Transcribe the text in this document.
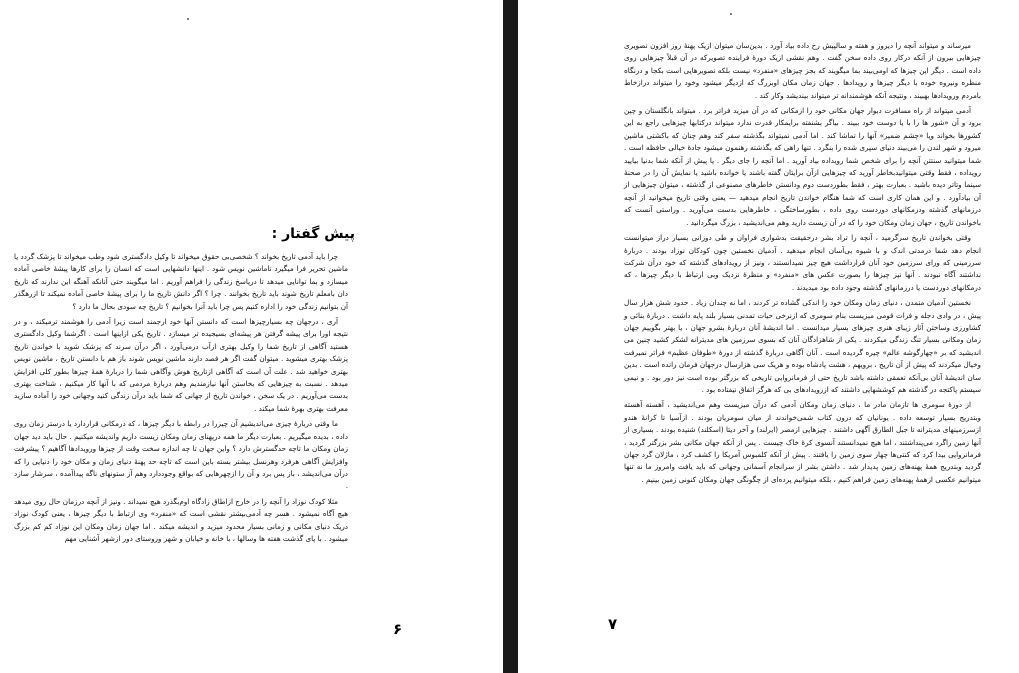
پیش گفتار :

چرا باید آدمی تاریخ بخواند ؟ شخصی‌بی حقوق میخواند تا وکیل دادگستری شود وطب میخواند تا پزشک گردد یا ماشین تحریر فرا میگیرد تاماشین نویس شود . اینها دانشهایی است که انسان را برای کارها پیشهٔ خاصی آماده میسازد و بما توانایی میدهد تا درپاسخ زندگی را فراهم آوریم . اما میگویند حتی آنانکه آهنگه این ندارند که تاریخ دان بامعلم تاریخ شوند باید تاریخ بخوانند . چرا ؟ اگر دانش تاریخ ما را برای پیشهٔ خاصی آماده نمیکند تا ازرهگذر آن بتوانیم زندگی خود را اداره کنیم پس چرا باید آنرا بخوانیم ؟ تاریخ چه سودی بحال ما دارد ؟

آری ، درجهان چه بسیارچیزها است که دانستن آنها خود ارجمند است زیرا آدمی را هوشمند ترمیکند ، و در نتیجه اورا برای پیشه گرفتن هر پیشه‌ای بسیجیده تر میسازد . تاریخ یکی ازاینها است . اگرشما وکیل دادگستری هستید آگاهی از تاریخ شما را وکیل بهتری ازآب درمی‌آورد ، اگر درآن سرند که پزشک شوید با خواندن تاریخ پزشک بهتری میشوید . میتوان گفت اگر هر قصد دارند ماشین نویس شوند باز هم با دانستن تاریخ ، ماشین نویس بهتری خواهید شد . علت آن است که آگاهی ازتاریخ هوش وآگاهی شما را دربارهٔ همهٔ چیزها بطور کلی افزایش میدهد . نسبت به چیزهایی که بخاستن آنها نیازمندیم وهم دربارهٔ مردمی که با آنها کار میکنیم ، شناخت بهتری بدست می‌آوریم . در یک سخن ، خواندن تاریخ از جهانی که شما باید درآن زندگی کنید وجهانی خود را آماده سازید معرفت بهتری بهرهٔ شما میکند .

ما وقتی دربارهٔ چیزی می‌اندیشیم آن چیزرا در رابطه با دیگر چیزها ، که درمکانی قراردارد یا درستر زمان روی داده ، بدیده میگیریم . بعبارت دیگر ما همه درپهنای زمان ومکان زیست داریم واندیشه میکنیم . حال باید دید جهان زمان ومکان ما تاچه حدگسترش دارد ؟ واین جهان تا چه اندازه سخت وقت از چیزها ورویدادها آگاهیم ؟ پیشرفت وافزایش آگاهی هرفرد وهرنسل بیشتر بسته باین است که تاچه حد پهنهٔ دنیای زمان و مکان خود را دنیایی را که درآن می‌اندیشد ، باز پس برد و آن را ازچهرهایی که بواقع وجوددارد وهم آز ستونهای ناگه پیداآمده ، سرشار سازد .

مثلا کودک نوزاد را آنچه را در خارج ازاطاق زادگاه اوم‌بگذرد هیچ نمیداند . ونیز از آنچه درزمان حال روی میدهد هیچ آگاه نمیشود . هسر چه آدمی‌بیشتر نقشی است که «منفرد» وی ازتباط با دیگر چیزها ، یعنی کودک نوزاد دریک دنیای مکانی و زمانی بسیار محدود میزید و اندیشه میکند . اما جهان زمان ومکان این نوزاد کم کم بزرگ میشود . با پای گذشت هفته ها وسالها ، با خانه و خیابان و شهر وروستای دور ازشهر آشنایی مهم

۶

میرساند و میتواند آنچه را دیروز و هفته و سالپیش رخ داده بیاد آورد . بدین‌سان میتوان ازیک پهنهٔ روز افزون تصویری چیزهایی بیرون از آنکه درکار روی داده سخن گفت . وهم نقشی ازیک دورهٔ فراینده تصویرکه در آن قبلاً چیزهایی روی داده است . دیگر این چیزها که اومی‌بیند بما میگویند که بجز چیزهای «منفرد» نیست بلکه تصویرهایی است بکجا و درنگاه منظره ونیروه خوده با دیگر چیزها و رویدادها . جهان زمان مکان اوبزرگ که ازدیگر میشود وخود را میتواند درازخاط بامردم ورویدادها بهبیند ، ونتیجه آنکه هوشمندانه تر میتواند بیندیشد وکار کند .

آدمی میتواند از راه مسافرت دیوار جهان مکانی خود را ازمکانی که در آن میزید فراتر برد . میتواند بانگلستان و چین برود و آن «شور ها را با یا دوست خود ببیند . بیاگر بشنفته برایمکار قدرت ندارد میتواند درکتابها چیزهایی راجع به این کشورها بخواند ویا «چشم ضمیر» آنها را تماشا کند . اما آدمی نمیتواند بگذشته سفر کند وهم چنان که باکشتی ماشین میرود و شهر لندن را می‌بیند دنیای سپری شده را بنگرد . تنها راهی که بگذشته رهنمون میشود جادهٔ خیالی حافظه است . شما میتوانید سنتتن آنچه را برای شخص شما رویداده بیاد آورید . اما آنچه را جای دیگر . یا پیش از آنکه شما بدنیا بیایید رویداده ، فقط وقتی میتوانیدبخاطر آورید که چیزهایی ازآن برایتان گفته باشند یا خوانده باشید یا نمایش آن را در صحنهٔ سینما وتاتر دیده باشید . بعبارت بهتر ، فقط بطوردست دوم ودانستن خاطرهای مصنوعی از گذشته ، میتوان چیزهایی از آن بیادآورد . و این همان کاری است که شما هنگام خواندن تاریخ انجام میدهید — یعنی وقتی تاریخ میخوانید از آنچه درزمانهای گذشته ودرمکانهای دوردست روی داده ، بطورساختگی ، خاطرهایی بدست می‌آورید . وراستی آنست که باخواندن تاریخ ، جهان زمان ومکان خود را که در آن زیست دارید وهم می‌اندیشید ، بزرگ میگردانید .

وقتی بخواندن تاریخ سرگرمید ، آنچه را تراد بشر درحقیقت بدشواری فراوان و طی دوزانی بسیار دراز میتوانست انجام دهد شما درمدتی اندک و با شیوه بی‌آسان انجام میدهید . آدمیان نخستین چون کودکان نوزاد بودند . دربارهٔ سرزمینی که ورای سرزمین خود آنان قرارداشت هیچ چیز نمیدانستند ، ونیز از رویدادهای گذشته که خود درآن شرکت نداشتند آگاه نبودند . آنها نیز چیزها را بصورت عکس های «منفرد» و منظرهٔ نزدیک وبی ارتباط با دیگر چیزها ، که درمکانهای دوردست یا درزمانهای گذشته وجود داده بود میدیدند .

نخستین آدمیان متمدن ، دنیای زمان ومکان خود را اندکی گشاده تر کردند ، اما نه چندان زیاد . حدود شش هزار سال پیش ، در وادی دجله و فرات قومی میزیست بنام سومری که ازنرخی حیات تمدنی بسیار بلند پایه داشت . دربارهٔ بنائی و کشاورزی وساختن آثار زیبای هنری چیزهای بسیار میدانست . اما اندیشهٔ آنان دربارهٔ بشرو جهان ، یا بهتر بگوییم جهان زمان ومکانی بسیار تنگ زندگی میکردند . یکی از شاهزادگان آنان که بسوی سرزمین های مدیترانه لشکر کشید چنین می اندیشید که بر «چهارگوشه عالم» چیره گردیده است . آنان آگاهی دربارهٔ گذشته از دورهٔ «طوفان عظیم» فراتر نمیرفت وخیال میکردند که پیش از آن تاریخ ، برویهم ، هشت پادشاه بوده و هریک سی هزارسال درجهان فرمان رانده است . بدین سان اندیشهٔ آنان بی‌آنکه تعمقی داشته باشد تاریخ حتی از فرمانروایی تاریخی که بزرگتر بوده است نیز دور بود . و نیمی سیستم پاکتجه در گذشته هم کوششهایی داشتند که ازرویدادهای بی که هرگز اتفاق نیفتاده بود .

از دورهٔ سومری ها تازمان مادر ما ، دنیای زمان ومکان آدمی که درآن میزیست وهم می‌اندیشید ، آهسته آهسته وبتدریج بسیار توسعه داده . یونانیان که درون کتاب شمی‌خواندند از میان سومریان بودند . ازآسیا تا کرانهٔ هندو ازسرزمینهای مدیترانه تا جبل الطارق آگهی داشتند . چیزهایی ازمصر (ایرلند) و آخر دیتا (اسکلند) شنیده بودند . بسیاری از آنها زمین راگرد می‌پنداشتند ، اما هیچ نمیدانستند آنسوی کرهٔ خاک چیست . پس از آنکه جهان مکانی بشر بزرگتر گردید ، فرمانروایی بیدا کرد که کنتی‌ها چهار سوی زمین را یافتند . پیش از آنکه کلمبوس آمریکا را کشف کرد ، ماژلان گرد جهان گردید وبتدریج همهٔ پهنه‌های زمین پدیدار شد . داشتن بشر از سرانجام آسمانی وجهانی که باید یافت وامروز ما نه تنها میتوانیم عکسی ازهمهٔ پهنه‌های زمین فراهم کنیم ، بلکه میتوانیم پرده‌ای از چگونگی جهان ومکان کنونی زمین بینیم .

۷
